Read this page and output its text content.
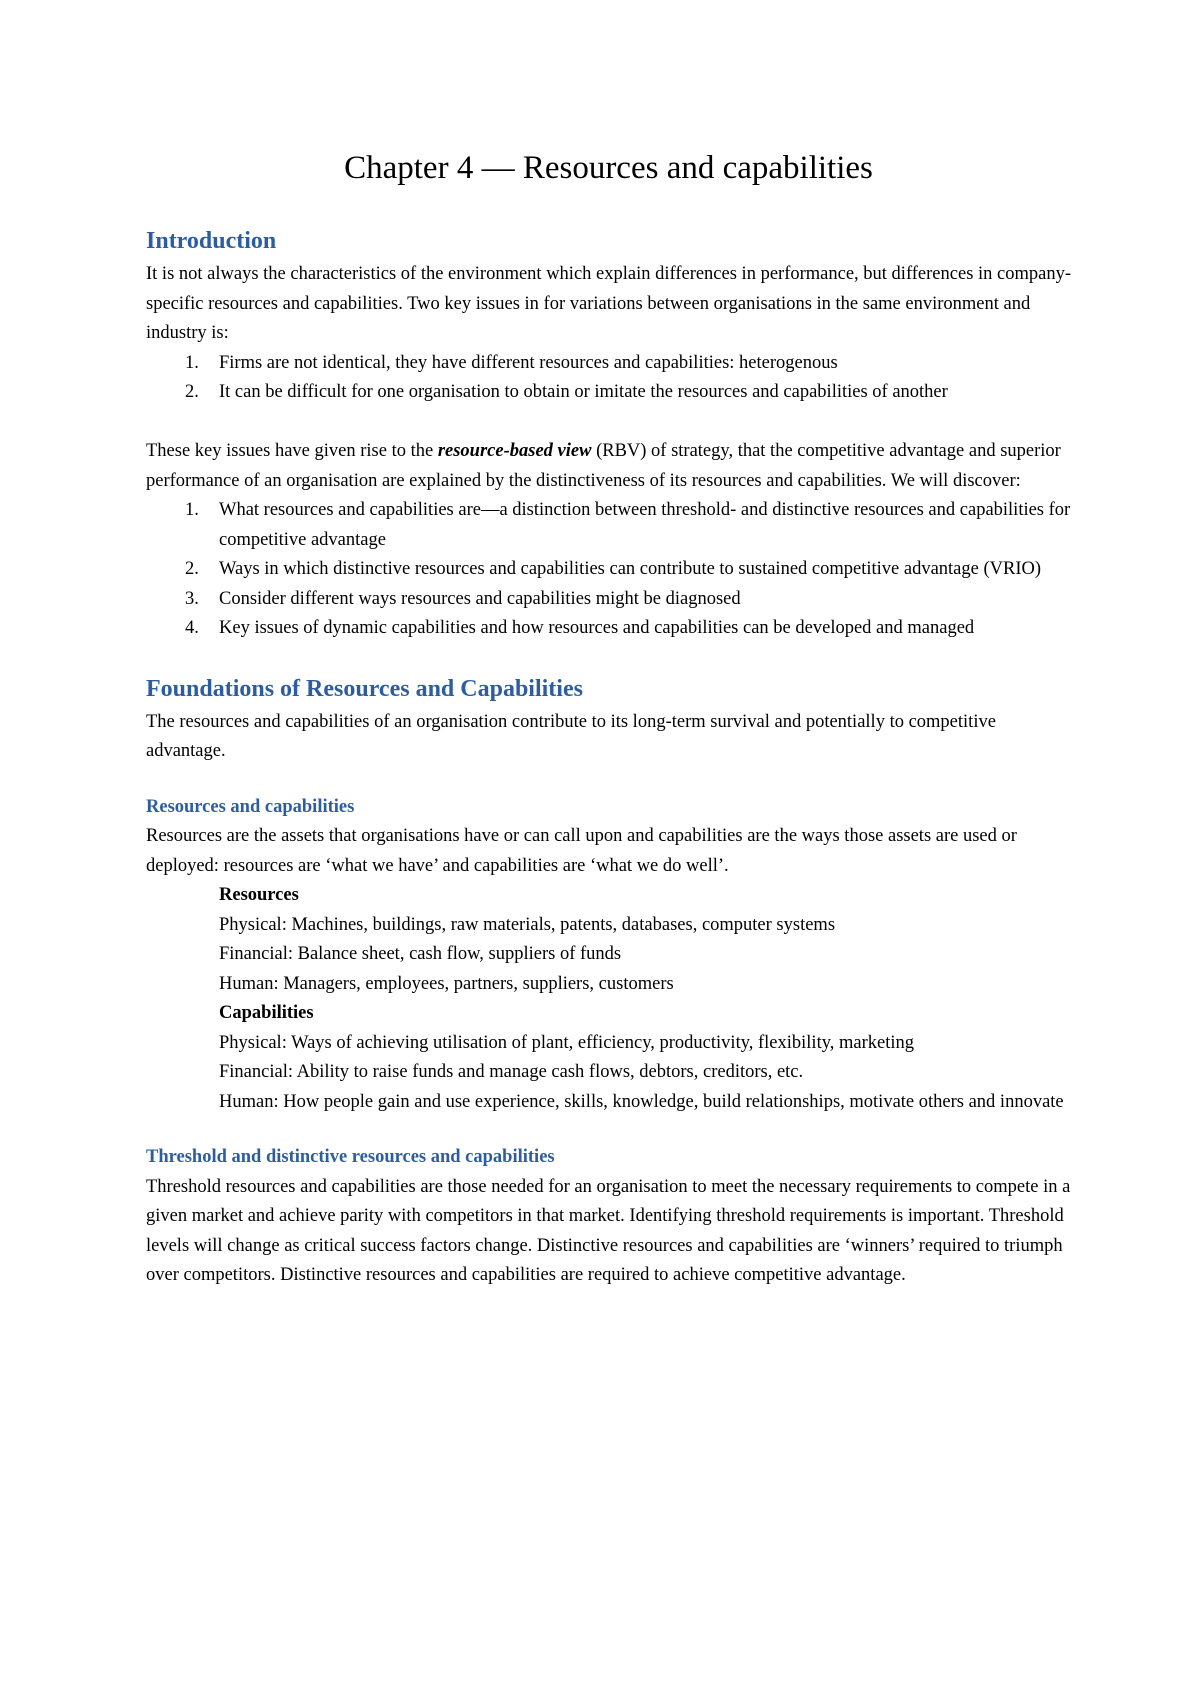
Chapter 4 — Resources and capabilities
Introduction

It is not always the characteristics of the environment which explain differences in performance, but differences in company-specific resources and capabilities. Two key issues in for variations between organisations in the same environment and industry is:

1. Firms are not identical, they have different resources and capabilities: heterogenous
2. It can be difficult for one organisation to obtain or imitate the resources and capabilities of another

These key issues have given rise to the resource-based view (RBV) of strategy, that the competitive advantage and superior performance of an organisation are explained by the distinctiveness of its resources and capabilities. We will discover:

1. What resources and capabilities are—a distinction between threshold- and distinctive resources and capabilities for competitive advantage
2. Ways in which distinctive resources and capabilities can contribute to sustained competitive advantage (VRIO)
3. Consider different ways resources and capabilities might be diagnosed
4. Key issues of dynamic capabilities and how resources and capabilities can be developed and managed
Foundations of Resources and Capabilities

The resources and capabilities of an organisation contribute to its long-term survival and potentially to competitive advantage.

Resources and capabilities

Resources are the assets that organisations have or can call upon and capabilities are the ways those assets are used or deployed: resources are ‘what we have’ and capabilities are ‘what we do well’.

Resources

Physical: Machines, buildings, raw materials, patents, databases, computer systems

Financial: Balance sheet, cash flow, suppliers of funds

Human: Managers, employees, partners, suppliers, customers

Capabilities

Physical: Ways of achieving utilisation of plant, efficiency, productivity, flexibility, marketing

Financial: Ability to raise funds and manage cash flows, debtors, creditors, etc.

Human: How people gain and use experience, skills, knowledge, build relationships, motivate others and innovate

Threshold and distinctive resources and capabilities

Threshold resources and capabilities are those needed for an organisation to meet the necessary requirements to compete in a given market and achieve parity with competitors in that market. Identifying threshold requirements is important. Threshold levels will change as critical success factors change. Distinctive resources and capabilities are ‘winners’ required to triumph over competitors. Distinctive resources and capabilities are required to achieve competitive advantage.
